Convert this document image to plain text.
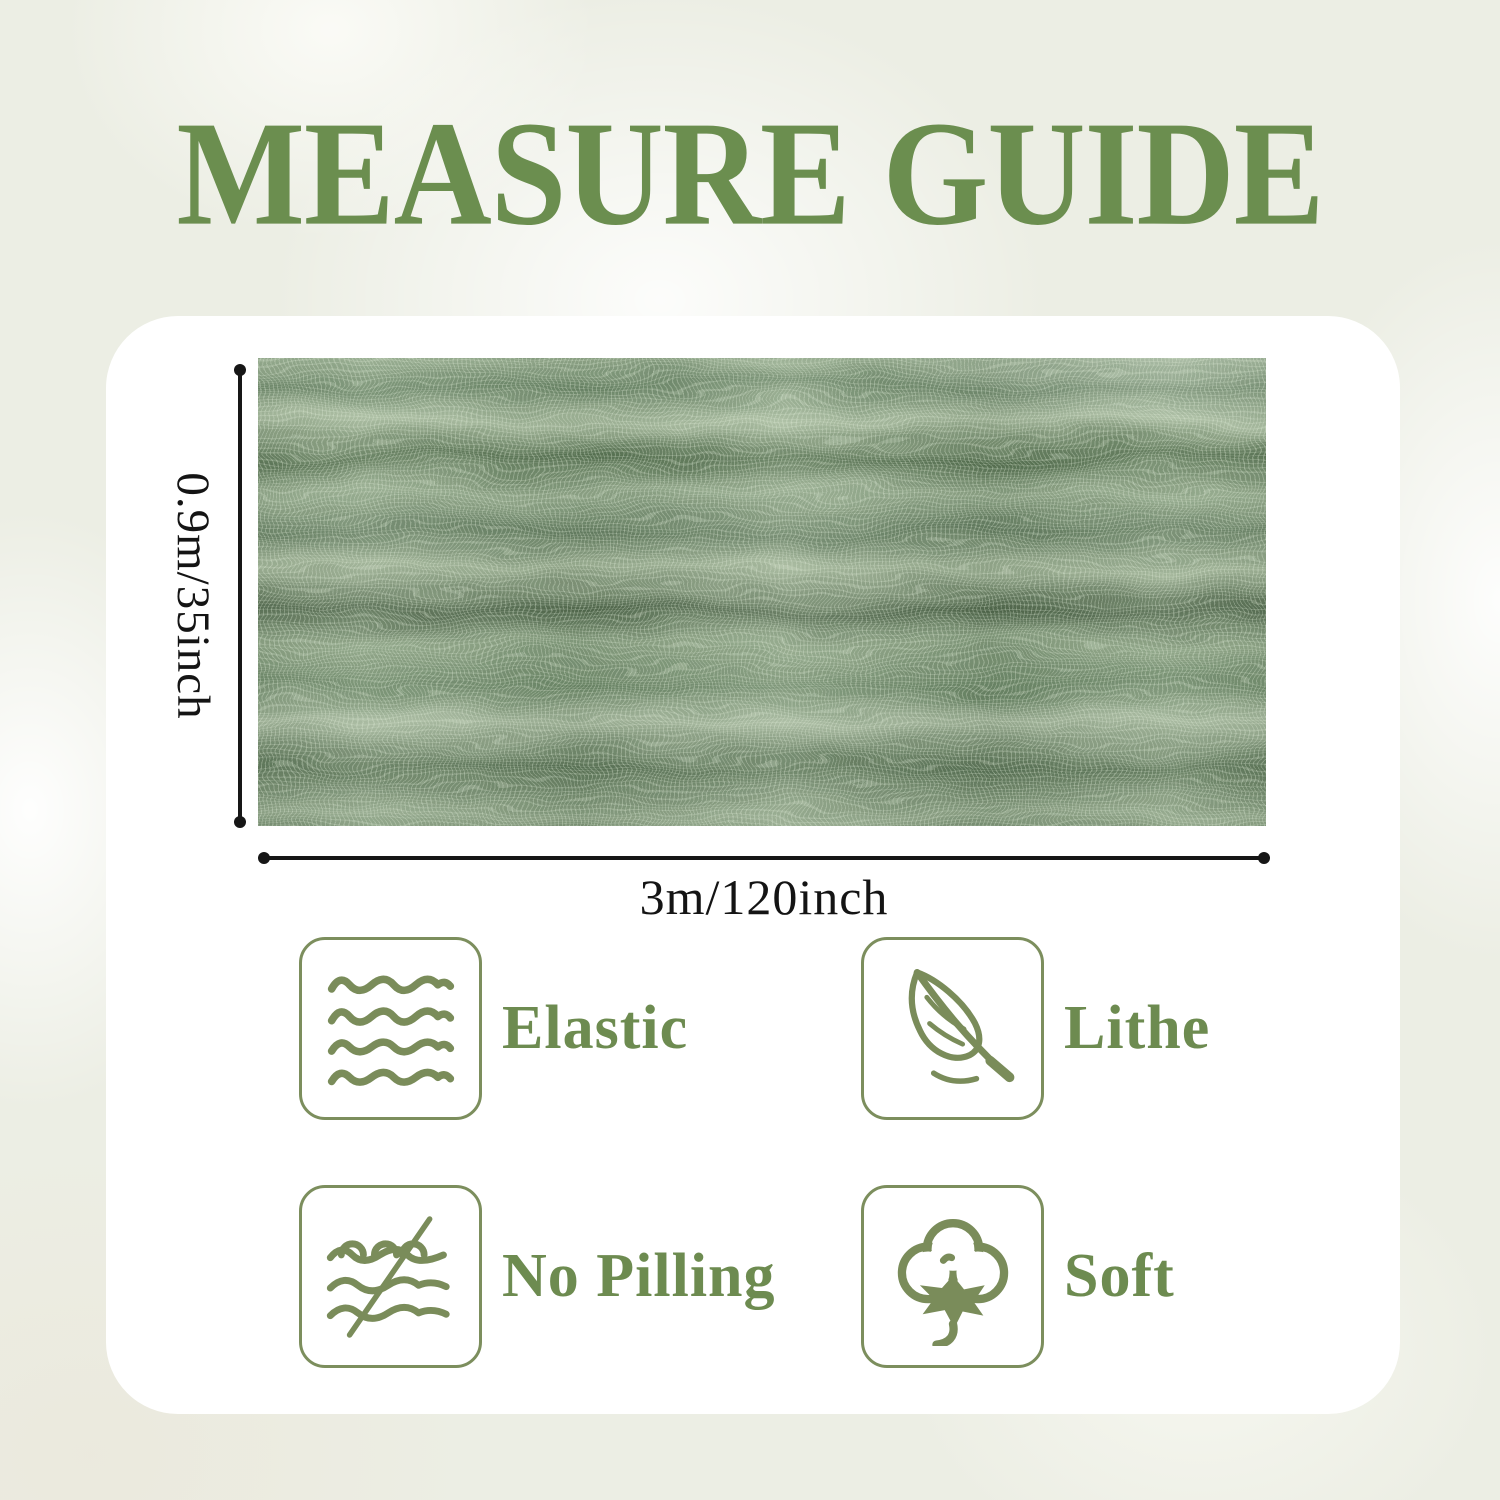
MEASURE GUIDE
0.9m/35inch
3m/120inch
Elastic	Lithe
No Pilling	Soft
